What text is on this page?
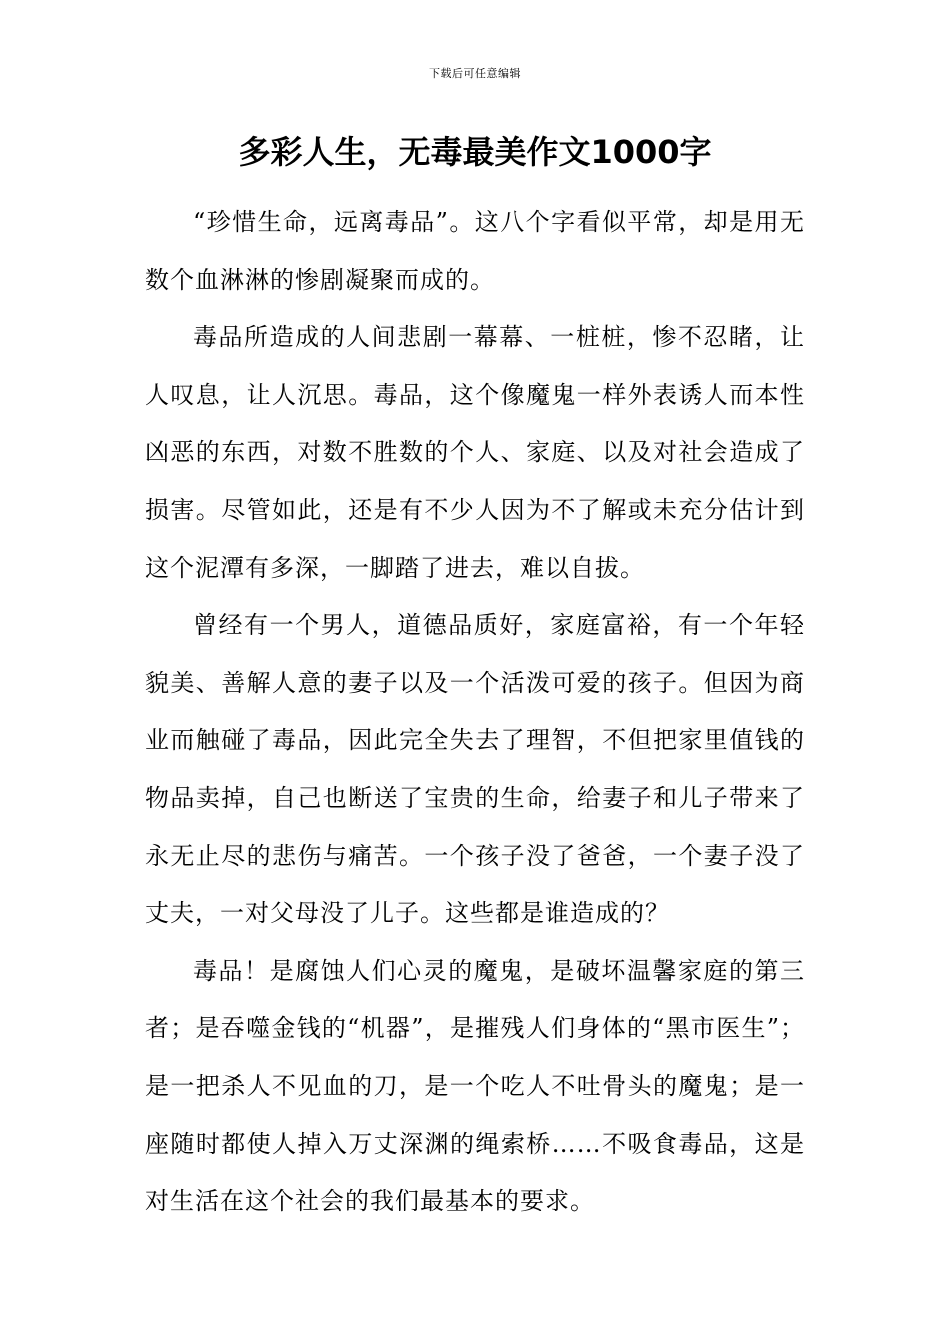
下载后可任意编辑
多彩人生，无毒最美作文1000字

“珍惜生命，远离毒品”。这八个字看似平常，却是用无数个血淋淋的惨剧凝聚而成的。

毒品所造成的人间悲剧一幕幕、一桩桩，惨不忍睹，让人叹息，让人沉思。毒品，这个像魔鬼一样外表诱人而本性凶恶的东西，对数不胜数的个人、家庭、以及对社会造成了损害。尽管如此，还是有不少人因为不了解或未充分估计到这个泥潭有多深，一脚踏了进去，难以自拔。

曾经有一个男人，道德品质好，家庭富裕，有一个年轻貌美、善解人意的妻子以及一个活泼可爱的孩子。但因为商业而触碰了毒品，因此完全失去了理智，不但把家里值钱的物品卖掉，自己也断送了宝贵的生命，给妻子和儿子带来了永无止尽的悲伤与痛苦。一个孩子没了爸爸，一个妻子没了丈夫，一对父母没了儿子。这些都是谁造成的？

毒品！是腐蚀人们心灵的魔鬼，是破坏温馨家庭的第三者；是吞噬金钱的“机器”，是摧残人们身体的“黑市医生”；是一把杀人不见血的刀，是一个吃人不吐骨头的魔鬼；是一座随时都使人掉入万丈深渊的绳索桥……不吸食毒品，这是对生活在这个社会的我们最基本的要求。
